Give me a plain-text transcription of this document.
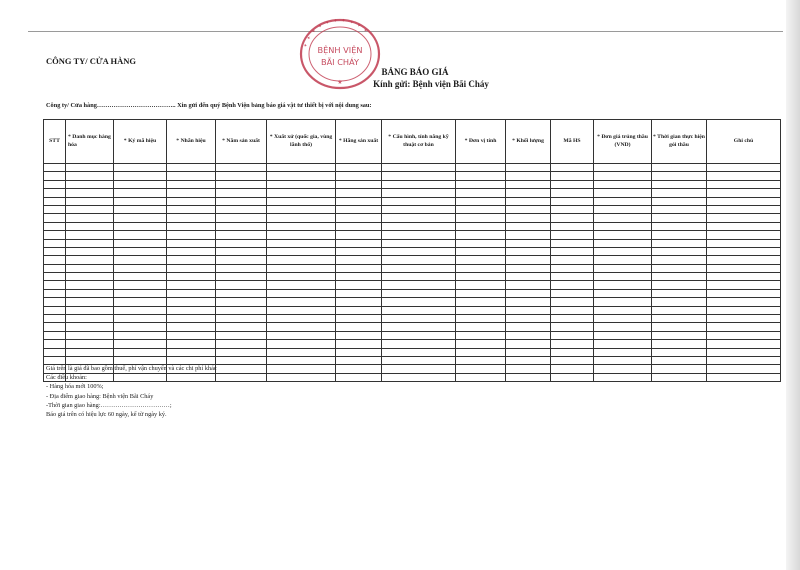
CÔNG TY/ CỬA HÀNG
✦ ✦ ✦ ✦ ✦ ✦ ✦ ✦ ✦ ✦
BỆNH VIỆN
BÃI CHÁY
★
BẢNG BÁO GIÁ
Kính gửi: Bệnh viện Bãi Cháy
Công ty/ Cửa hàng……………………………….. Xin gửi đến quý Bệnh Viện bảng báo giá vật tư thiết bị với nội dung sau:
STT	* Danh mục hàng hóa	* Ký mã hiệu	* Nhãn hiệu	* Năm sản xuất	* Xuất xứ (quốc gia, vùng lãnh thổ)	* Hãng sản xuất	* Cấu hình, tính năng kỹ thuật cơ bản	* Đơn vị tính	* Khối lượng	Mã HS	* Đơn giá trúng thầu (VND)	* Thời gian thực hiện gói thầu	Ghi chú

Giá trên là giá đã bao gồm thuế, phí vận chuyển và các chi phí khác
Các điều khoản:
- Hàng hóa mới 100%;
- Địa điểm giao hàng: Bệnh viện Bãi Cháy
-Thời gian giao hàng:……………………………;
Báo giá trên có hiệu lực 60 ngày, kể từ ngày ký.
